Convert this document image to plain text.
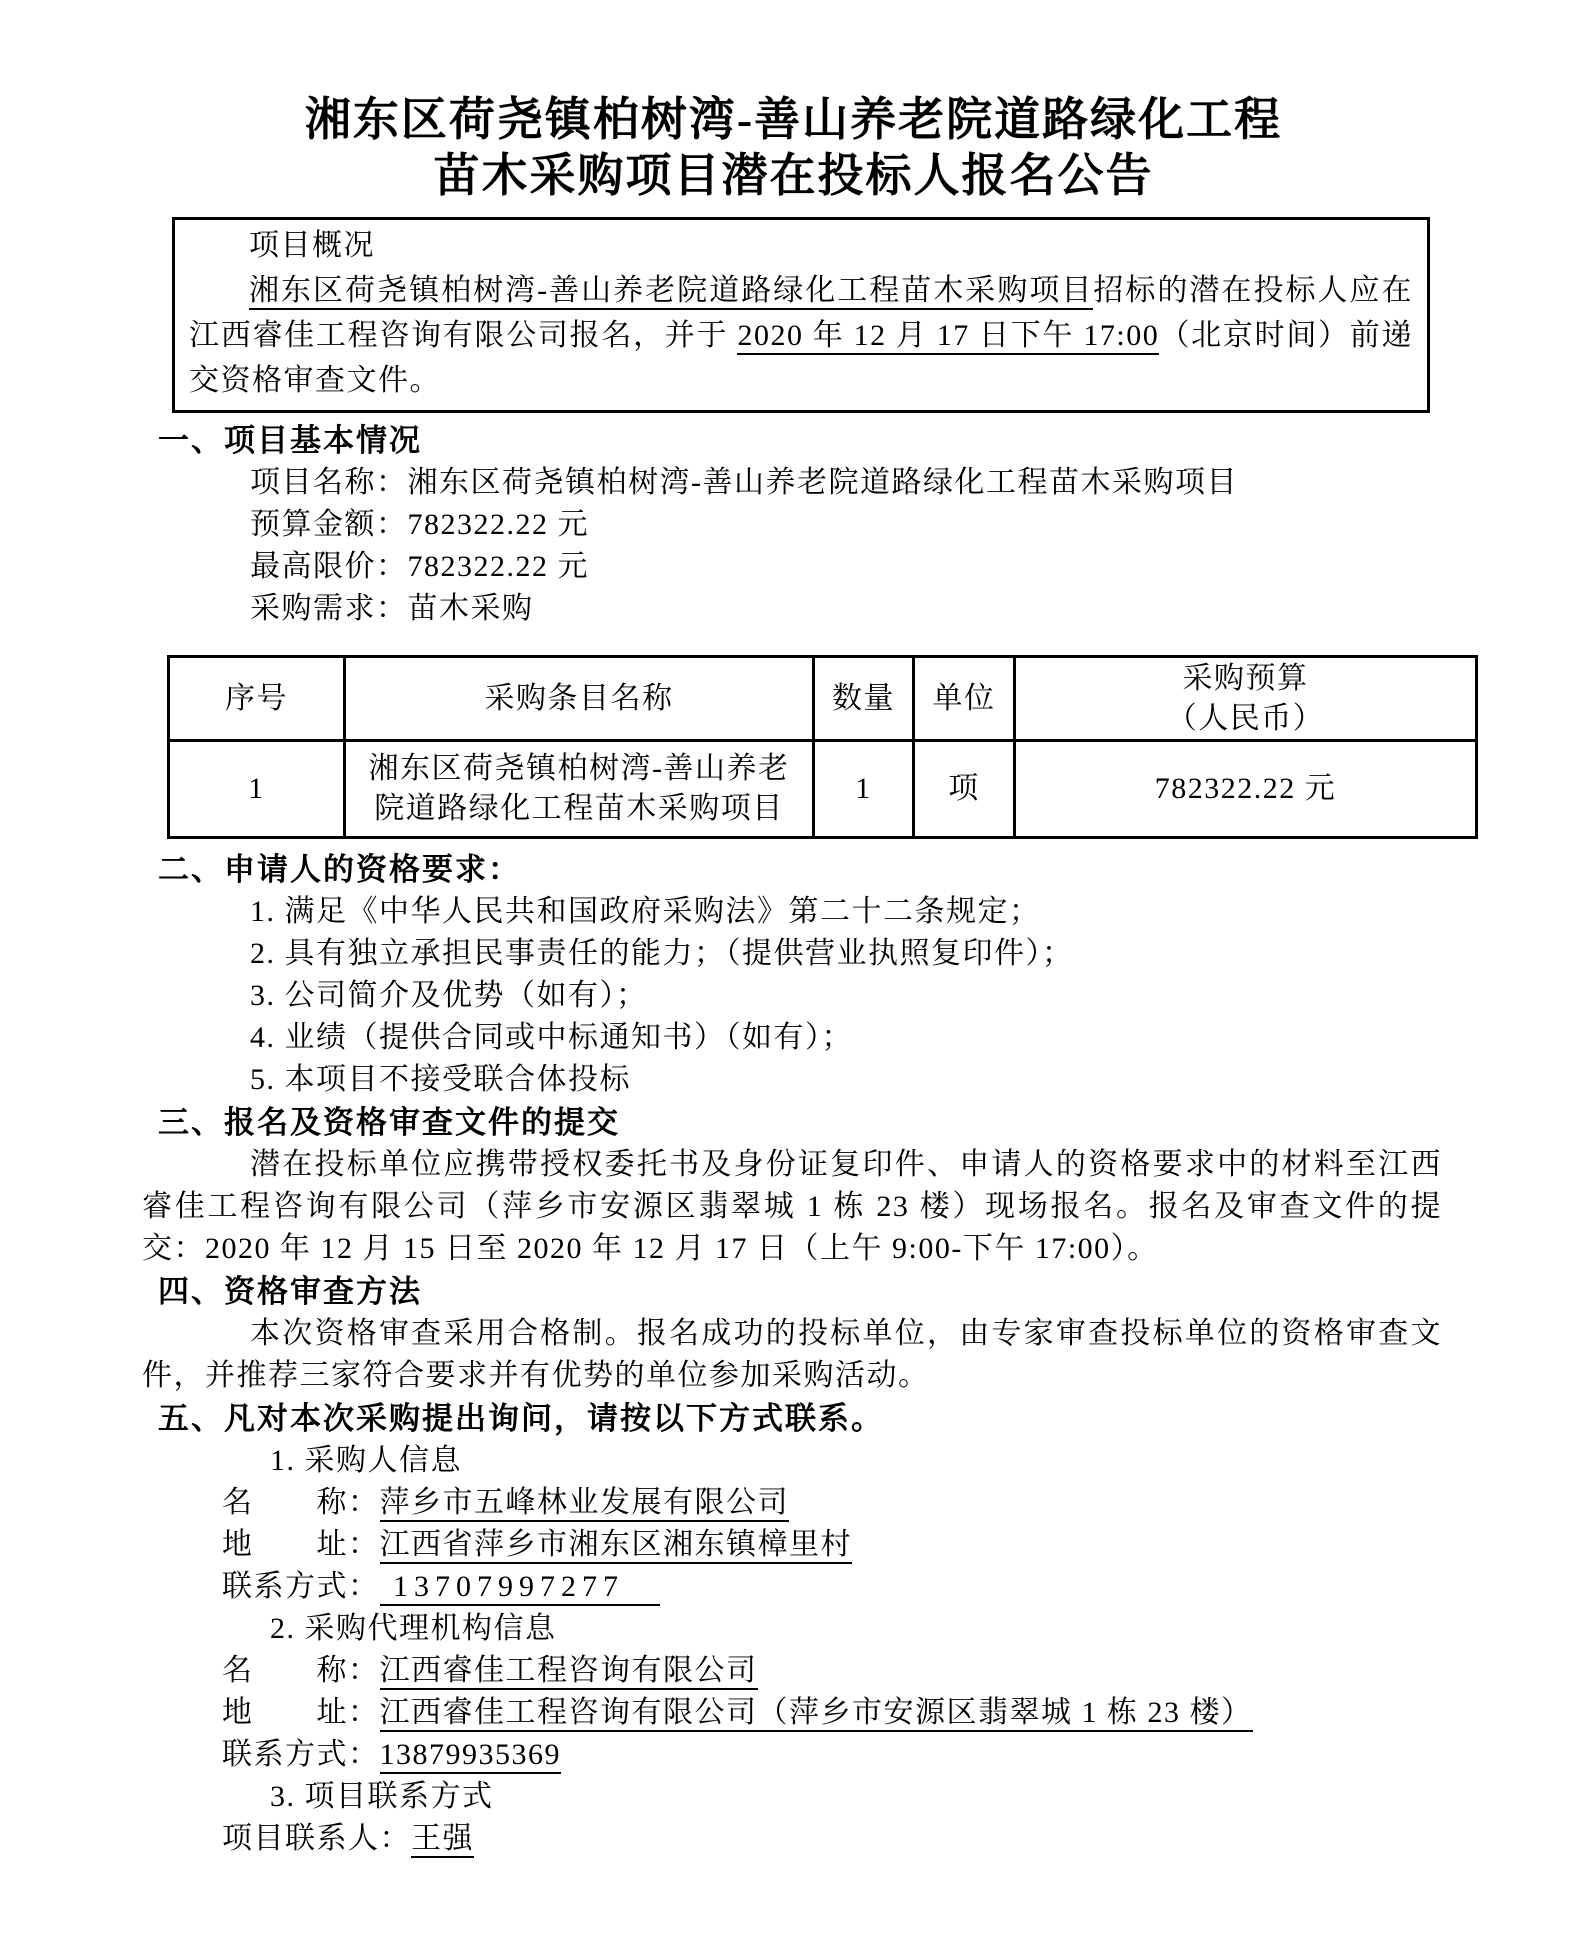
湘东区荷尧镇柏树湾-善山养老院道路绿化工程
苗木采购项目潜在投标人报名公告

项目概况

湘东区荷尧镇柏树湾-善山养老院道路绿化工程苗木采购项目招标的潜在投标人应在江西睿佳工程咨询有限公司报名，并于 2020 年 12 月 17 日下午 17:00（北京时间）前递交资格审查文件。

一、项目基本情况

项目名称：湘东区荷尧镇柏树湾-善山养老院道路绿化工程苗木采购项目

预算金额：782322.22 元

最高限价：782322.22 元

采购需求：苗木采购

序号	采购条目名称	数量	单位	采购预算
（人民币）

1	湘东区荷尧镇柏树湾-善山养老院道路绿化工程苗木采购项目	1	项	782322.22 元

二、申请人的资格要求：

1. 满足《中华人民共和国政府采购法》第二十二条规定；

2. 具有独立承担民事责任的能力；（提供营业执照复印件）；

3. 公司简介及优势（如有）；

4. 业绩（提供合同或中标通知书）（如有）；

5. 本项目不接受联合体投标

三、报名及资格审查文件的提交

潜在投标单位应携带授权委托书及身份证复印件、申请人的资格要求中的材料至江西睿佳工程咨询有限公司（萍乡市安源区翡翠城 1 栋 23 楼）现场报名。报名及审查文件的提交：2020 年 12 月 15 日至 2020 年 12 月 17 日（上午 9:00-下午 17:00）。

四、资格审查方法

本次资格审查采用合格制。报名成功的投标单位，由专家审查投标单位的资格审查文件，并推荐三家符合要求并有优势的单位参加采购活动。

五、凡对本次采购提出询问，请按以下方式联系。

1. 采购人信息

名　　称：萍乡市五峰林业发展有限公司

地　　址：江西省萍乡市湘东区湘东镇樟里村

联系方式： 13707997277　

2. 采购代理机构信息

名　　称：江西睿佳工程咨询有限公司

地　　址：江西睿佳工程咨询有限公司（萍乡市安源区翡翠城 1 栋 23 楼）

联系方式：13879935369

3. 项目联系方式

项目联系人：王强
